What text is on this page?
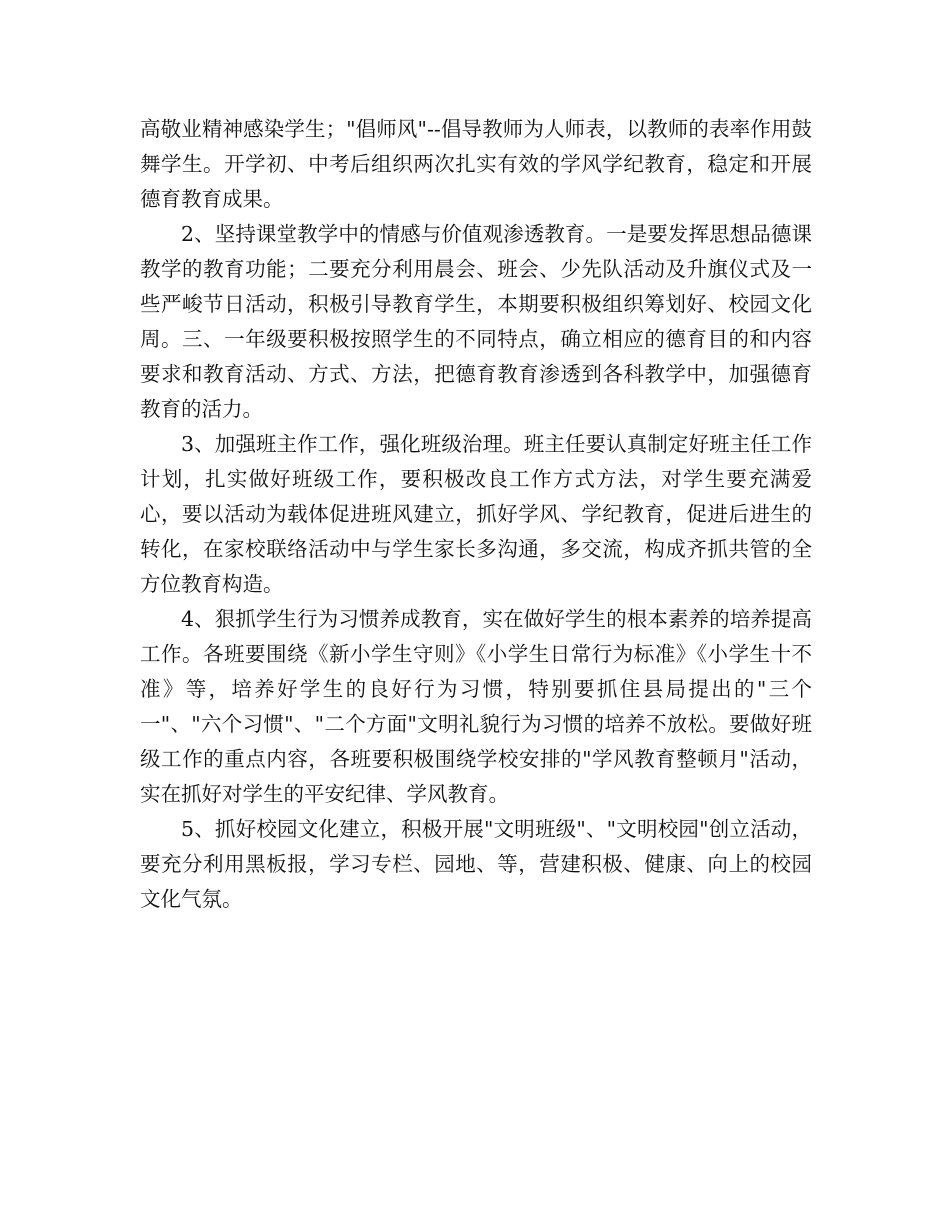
高敬业精神感染学生；"倡师风"--倡导教师为人师表，以教师的表率作用鼓舞学生。开学初、中考后组织两次扎实有效的学风学纪教育，稳定和开展德育教育成果。

2、坚持课堂教学中的情感与价值观渗透教育。一是要发挥思想品德课教学的教育功能；二要充分利用晨会、班会、少先队活动及升旗仪式及一些严峻节日活动，积极引导教育学生，本期要积极组织筹划好、校园文化周。三、一年级要积极按照学生的不同特点，确立相应的德育目的和内容要求和教育活动、方式、方法，把德育教育渗透到各科教学中，加强德育教育的活力。

3、加强班主作工作，强化班级治理。班主任要认真制定好班主任工作计划，扎实做好班级工作，要积极改良工作方式方法，对学生要充满爱心，要以活动为载体促进班风建立，抓好学风、学纪教育，促进后进生的转化，在家校联络活动中与学生家长多沟通，多交流，构成齐抓共管的全方位教育构造。

4、狠抓学生行为习惯养成教育，实在做好学生的根本素养的培养提高工作。各班要围绕《新小学生守则》《小学生日常行为标准》《小学生十不准》等，培养好学生的良好行为习惯，特别要抓住县局提出的"三个一"、"六个习惯"、"二个方面"文明礼貌行为习惯的培养不放松。要做好班级工作的重点内容，各班要积极围绕学校安排的"学风教育整顿月"活动，实在抓好对学生的平安纪律、学风教育。

5、抓好校园文化建立，积极开展"文明班级"、"文明校园"创立活动，要充分利用黑板报，学习专栏、园地、等，营建积极、健康、向上的校园文化气氛。
